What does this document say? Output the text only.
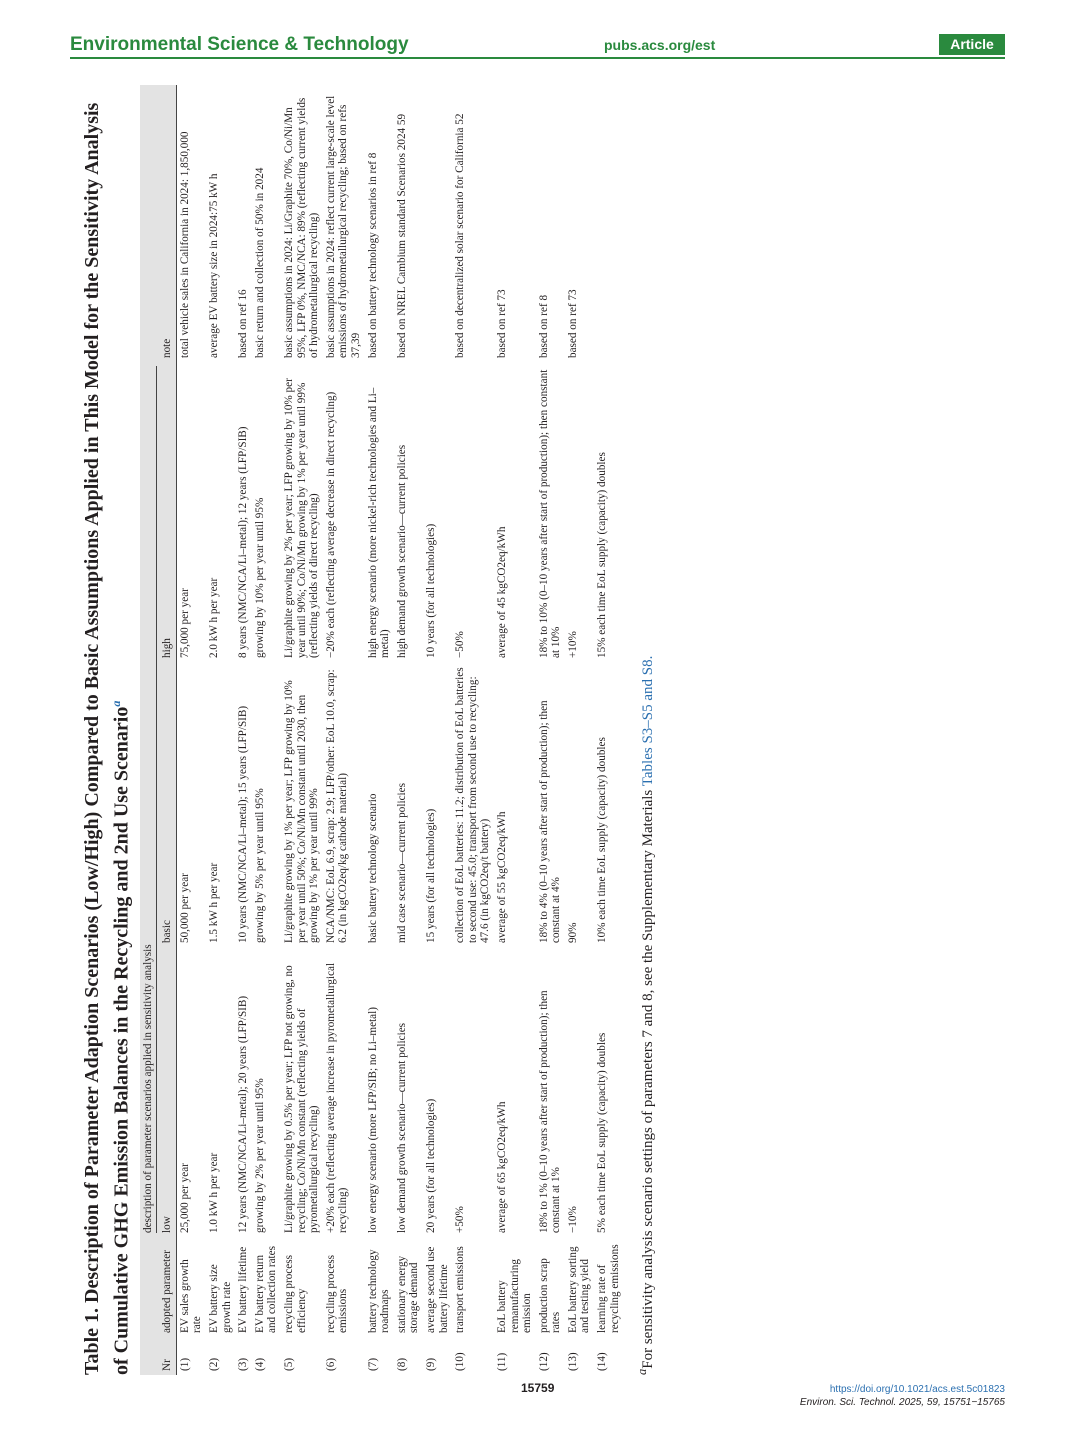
Environmental Science & Technology	pubs.acs.org/est	Article
Table 1. Description of Parameter Adaption Scenarios (Low/High) Compared to Basic Assumptions Applied in This Model for the Sensitivity Analysis of Cumulative GHG Emission Balances in the Recycling and 2nd Use Scenario$^a$

		description of parameter scenarios applied in sensitivity analysis			

Nr	adopted parameter	low	basic	high	note
(1)	EV sales growth rate	25,000 per year	50,000 per year	75,000 per year	total vehicle sales in California in 2024: 1,850,000
(2)	EV battery size growth rate	1.0 kW h per year	1.5 kW h per year	2.0 kW h per year	average EV battery size in 2024:75 kW h
(3)	EV battery lifetime	12 years (NMC/NCA/Li–metal); 20 years (LFP/SIB)	10 years (NMC/NCA/Li–metal); 15 years (LFP/SIB)	8 years (NMC/NCA/Li–metal); 12 years (LFP/SIB)	based on ref 16
(4)	EV battery return and collection rates	growing by 2% per year until 95%	growing by 5% per year until 95%	growing by 10% per year until 95%	basic return and collection of 50% in 2024
(5)	recycling process efficiency	Li/graphite growing by 0.5% per year; LFP not growing, no recycling; Co/Ni/Mn constant (reflecting yields of pyrometallurgical recycling)	Li/graphite growing by 1% per year; LFP growing by 10% per year until 50%; Co/Ni/Mn constant until 2030, then growing by 1% per year until 99%	Li/graphite growing by 2% per year; LFP growing by 10% per year until 90%; Co/Ni/Mn growing by 1% per year until 99% (reflecting yields of direct recycling)	basic assumptions in 2024: Li/Graphite 70%, Co/Ni/Mn 95%, LFP 0%, NMC/NCA: 89% (reflecting current yields of hydrometallurgical recycling)
(6)	recycling process emissions	+20% each (reflecting average increase in pyrometallurgical recycling)	NCA/NMC: EoL 6.9, scrap: 2.9; LFP/other: EoL 10.0, scrap: 6.2 (in kgCO2eq/kg cathode material)	−20% each (reflecting average decrease in direct recycling)	basic assumptions in 2024: reflect current large-scale level emissions of hydrometallurgical recycling; based on refs 37,39
(7)	battery technology roadmaps	low energy scenario (more LFP/SIB; no Li–metal)	basic battery technology scenario	high energy scenario (more nickel-rich technologies and Li–metal)	based on battery technology scenarios in ref 8
(8)	stationary energy storage demand	low demand growth scenario—current policies	mid case scenario—current policies	high demand growth scenario—current policies	based on NREL Cambium standard Scenarios 2024 59
(9)	average second use battery lifetime	20 years (for all technologies)	15 years (for all technologies)	10 years (for all technologies)	
(10)	transport emissions	+50%	collection of EoL batteries: 11.2; distribution of EoL batteries to second use: 45.0; transport from second use to recycling: 47.6 (in kgCO2eq/t battery)	−50%	based on decentralized solar scenario for California 52
(11)	EoL battery remanufacturing emission	average of 65 kgCO2eq/kWh	average of 55 kgCO2eq/kWh	average of 45 kgCO2eq/kWh	based on ref 73
(12)	production scrap rates	18% to 1% (0–10 years after start of production); then constant at 1%	18% to 4% (0–10 years after start of production); then constant at 4%	18% to 10% (0–10 years after start of production); then constant at 10%	based on ref 8
(13)	EoL battery sorting and testing yield	−10%	90%	+10%	based on ref 73
(14)	learning rate of recycling emissions	5% each time EoL supply (capacity) doubles	10% each time EoL supply (capacity) doubles	15% each time EoL supply (capacity) doubles	
$^a$For sensitivity analysis scenario settings of parameters 7 and 8, see the Supplementary Materials Tables S3–S5 and S8.
15759	https://doi.org/10.1021/acs.est.5c01823
Environ. Sci. Technol. 2025, 59, 15751−15765
